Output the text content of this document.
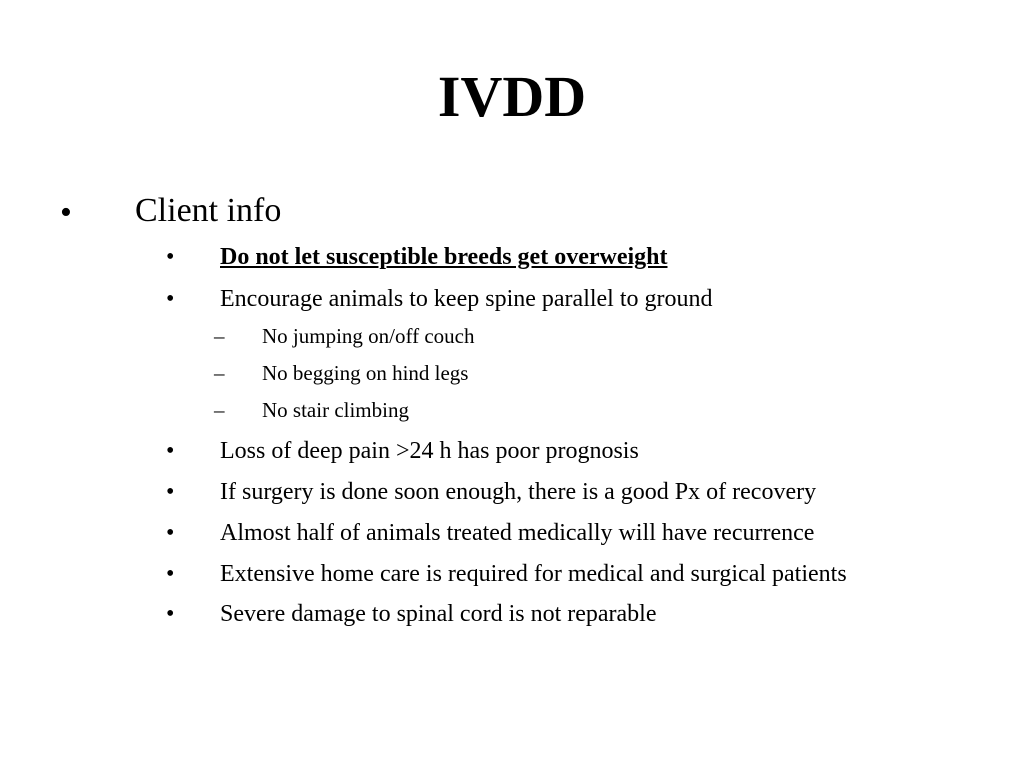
IVDD
• Client info
• Do not let susceptible breeds get overweight
• Encourage animals to keep spine parallel to ground
– No jumping on/off couch
– No begging on hind legs
– No stair climbing
• Loss of deep pain >24 h has poor prognosis
• If surgery is done soon enough, there is a good Px of recovery
• Almost half of animals treated medically will have recurrence
• Extensive home care is required for medical and surgical patients
• Severe damage to spinal cord is not reparable
